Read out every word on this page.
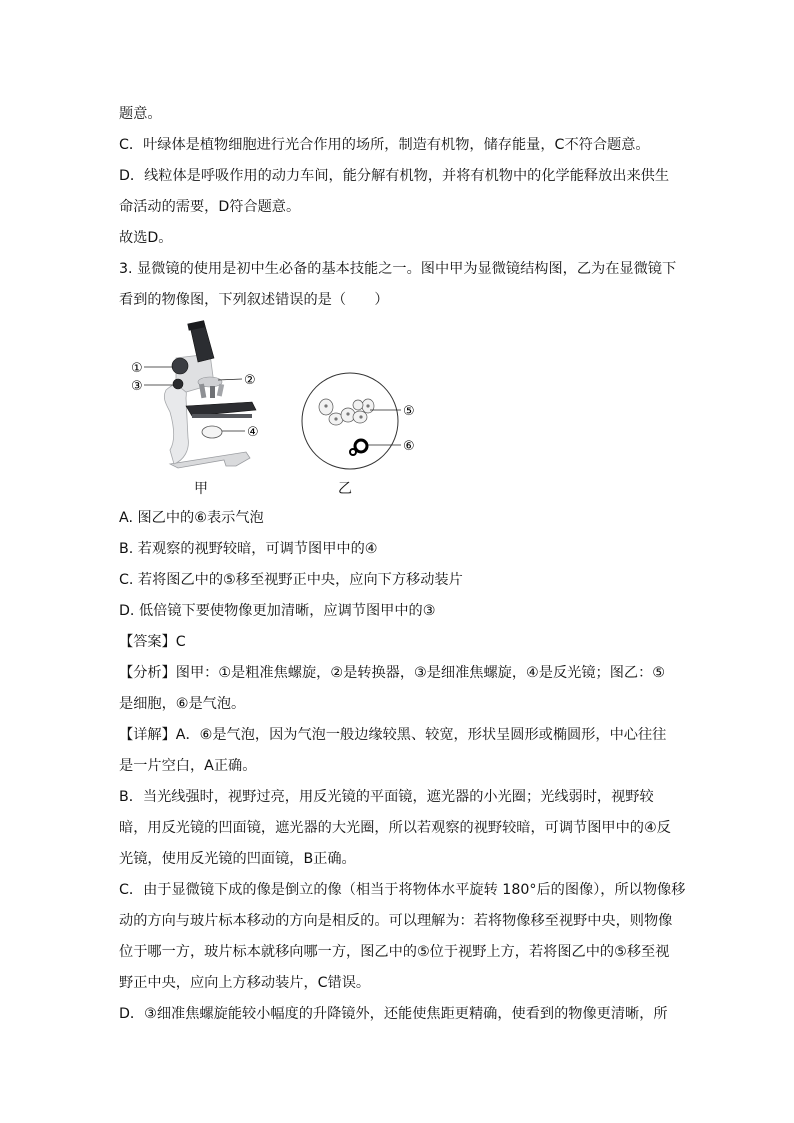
题意。
C．叶绿体是植物细胞进行光合作用的场所，制造有机物，储存能量，C不符合题意。
D．线粒体是呼吸作用的动力车间，能分解有机物，并将有机物中的化学能释放出来供生
命活动的需要，D符合题意。
故选D。
3. 显微镜的使用是初中生必备的基本技能之一。图中甲为显微镜结构图，乙为在显微镜下
看到的物像图，下列叙述错误的是（　　）
①
③	②
④
⑤
⑥
甲	乙
A. 图乙中的⑥表示气泡
B. 若观察的视野较暗，可调节图甲中的④
C. 若将图乙中的⑤移至视野正中央，应向下方移动装片
D. 低倍镜下要使物像更加清晰，应调节图甲中的③
【答案】C
【分析】图甲：①是粗准焦螺旋，②是转换器，③是细准焦螺旋，④是反光镜；图乙：⑤
是细胞，⑥是气泡。
【详解】A．⑥是气泡，因为气泡一般边缘较黑、较宽，形状呈圆形或椭圆形，中心往往
是一片空白，A正确。
B．当光线强时，视野过亮，用反光镜的平面镜，遮光器的小光圈；光线弱时，视野较
暗，用反光镜的凹面镜，遮光器的大光圈，所以若观察的视野较暗，可调节图甲中的④反
光镜，使用反光镜的凹面镜，B正确。
C．由于显微镜下成的像是倒立的像（相当于将物体水平旋转 180°后的图像），所以物像移
动的方向与玻片标本移动的方向是相反的。可以理解为：若将物像移至视野中央，则物像
位于哪一方，玻片标本就移向哪一方，图乙中的⑤位于视野上方，若将图乙中的⑤移至视
野正中央，应向上方移动装片，C错误。
D．③细准焦螺旋能较小幅度的升降镜外，还能使焦距更精确，使看到的物像更清晰，所
